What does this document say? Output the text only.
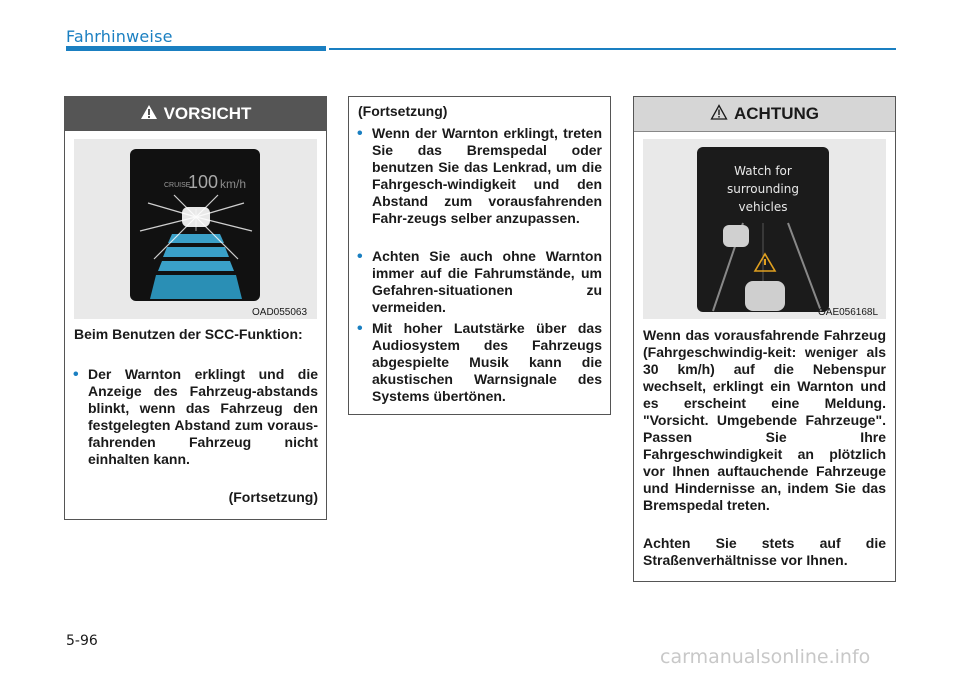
Fahrhinweise
VORSICHT
CRUISE
100 km/h
OAD055063
Beim Benutzen der SCC-Funktion:
• Der Warnton erklingt und die Anzeige des Fahrzeug-abstands blinkt, wenn das Fahrzeug den festgelegten Abstand zum voraus-fahrenden Fahrzeug nicht einhalten kann.
(Fortsetzung)
(Fortsetzung)
• Wenn der Warnton erklingt, treten Sie das Bremspedal oder benutzen Sie das Lenkrad, um die Fahrgesch-windigkeit und den Abstand zum vorausfahrenden Fahr-zeugs selber anzupassen.
• Achten Sie auch ohne Warnton immer auf die Fahrumstände, um Gefahren-situationen zu vermeiden.
• Mit hoher Lautstärke über das Audiosystem des Fahrzeugs abgespielte Musik kann die akustischen Warnsignale des Systems übertönen.
ACHTUNG
Watch for
surrounding
vehicles
OAE056168L
Wenn das vorausfahrende Fahrzeug (Fahrgeschwindig-keit: weniger als 30 km/h) auf die Nebenspur wechselt, erklingt ein Warnton und es erscheint eine Meldung. "Vorsicht. Umgebende Fahrzeuge". Passen Sie Ihre Fahrgeschwindigkeit an plötzlich vor Ihnen auftauchende Fahrzeuge und Hindernisse an, indem Sie das Bremspedal treten.
Achten Sie stets auf die Straßenverhältnisse vor Ihnen.
5-96
carmanualsonline.info
